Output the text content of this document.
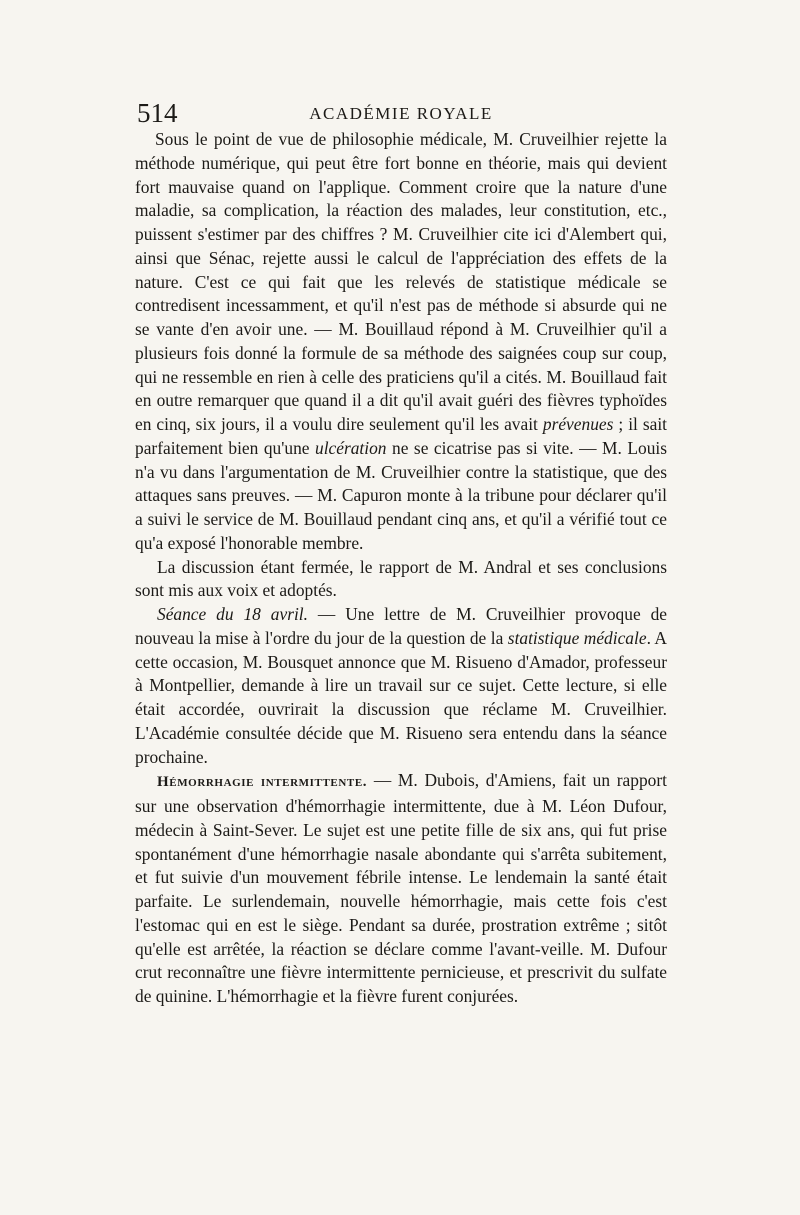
514	ACADÉMIE ROYALE

Sous le point de vue de philosophie médicale, M. Cruveilhier rejette la méthode numérique, qui peut être fort bonne en théorie, mais qui devient fort mauvaise quand on l'applique. Comment croire que la nature d'une maladie, sa complication, la réaction des malades, leur constitution, etc., puissent s'estimer par des chiffres ? M. Cruveilhier cite ici d'Alembert qui, ainsi que Sénac, rejette aussi le calcul de l'appréciation des effets de la nature. C'est ce qui fait que les relevés de statistique médicale se contredisent incessamment, et qu'il n'est pas de méthode si absurde qui ne se vante d'en avoir une. — M. Bouillaud répond à M. Cruveilhier qu'il a plusieurs fois donné la formule de sa méthode des saignées coup sur coup, qui ne ressemble en rien à celle des praticiens qu'il a cités. M. Bouillaud fait en outre remarquer que quand il a dit qu'il avait guéri des fièvres typhoïdes en cinq, six jours, il a voulu dire seulement qu'il les avait prévenues ; il sait parfaitement bien qu'une ulcération ne se cicatrise pas si vite. — M. Louis n'a vu dans l'argumentation de M. Cruveilhier contre la statistique, que des attaques sans preuves. — M. Capuron monte à la tribune pour déclarer qu'il a suivi le service de M. Bouillaud pendant cinq ans, et qu'il a vérifié tout ce qu'a exposé l'honorable membre.

La discussion étant fermée, le rapport de M. Andral et ses conclusions sont mis aux voix et adoptés.

Séance du 18 avril. — Une lettre de M. Cruveilhier provoque de nouveau la mise à l'ordre du jour de la question de la statistique médicale. A cette occasion, M. Bousquet annonce que M. Risueno d'Amador, professeur à Montpellier, demande à lire un travail sur ce sujet. Cette lecture, si elle était accordée, ouvrirait la discussion que réclame M. Cruveilhier. L'Académie consultée décide que M. Risueno sera entendu dans la séance prochaine.

Hémorrhagie intermittente. — M. Dubois, d'Amiens, fait un rapport sur une observation d'hémorrhagie intermittente, due à M. Léon Dufour, médecin à Saint-Sever. Le sujet est une petite fille de six ans, qui fut prise spontanément d'une hémorrhagie nasale abondante qui s'arrêta subitement, et fut suivie d'un mouvement fébrile intense. Le lendemain la santé était parfaite. Le surlendemain, nouvelle hémorrhagie, mais cette fois c'est l'estomac qui en est le siège. Pendant sa durée, prostration extrême ; sitôt qu'elle est arrêtée, la réaction se déclare comme l'avant-veille. M. Dufour crut reconnaître une fièvre intermittente pernicieuse, et prescrivit du sulfate de quinine. L'hémorrhagie et la fièvre furent conjurées.
